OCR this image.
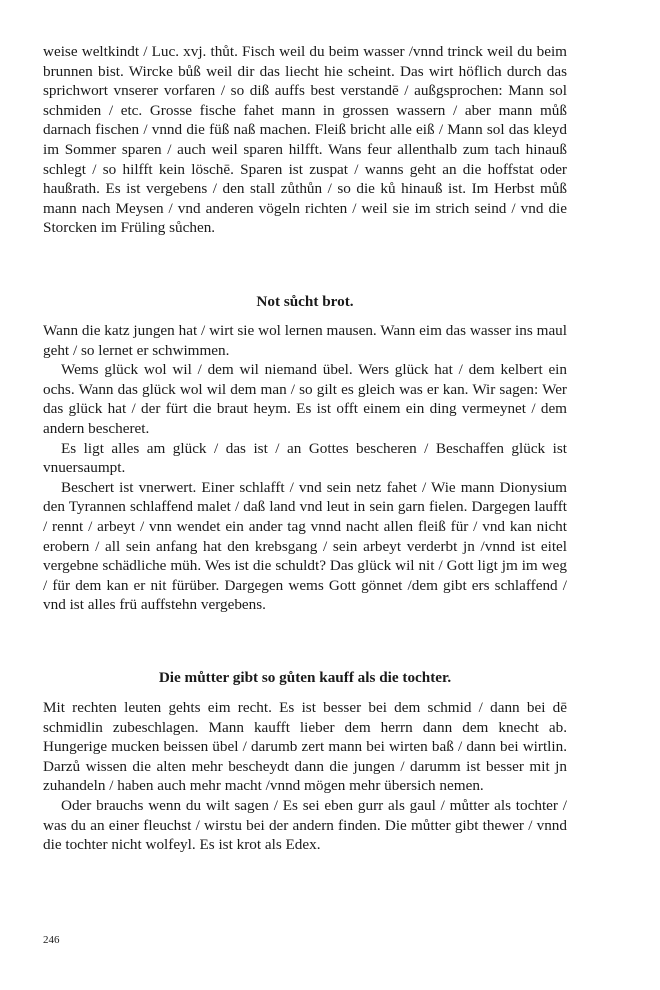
weise weltkindt / Luc. xvj. thůt. Fisch weil du beim wasser /vnnd trinck weil du beim brunnen bist. Wircke bůß weil dir das liecht hie scheint. Das wirt höflich durch das sprichwort vnserer vorfaren / so diß auffs best verstandē / außgsprochen: Mann sol schmiden / etc. Grosse fische fahet mann in grossen wassern / aber mann můß darnach fischen / vnnd die füß naß machen. Fleiß bricht alle eiß / Mann sol das kleyd im Sommer sparen / auch weil sparen hilfft. Wans feur allenthalb zum tach hinauß schlegt / so hilfft kein löschē. Sparen ist zuspat / wanns geht an die hoffstat oder haußrath. Es ist vergebens / den stall zůthůn / so die ků hinauß ist. Im Herbst můß mann nach Meysen / vnd anderen vögeln richten / weil sie im strich seind / vnd die Storcken im Früling sůchen.

Not sůcht brot.

Wann die katz jungen hat / wirt sie wol lernen mausen. Wann eim das wasser ins maul geht / so lernet er schwimmen.

Wems glück wol wil / dem wil niemand übel. Wers glück hat / dem kelbert ein ochs. Wann das glück wol wil dem man / so gilt es gleich was er kan. Wir sagen: Wer das glück hat / der fürt die braut heym. Es ist offt einem ein ding vermeynet / dem andern bescheret.

Es ligt alles am glück / das ist / an Gottes bescheren / Beschaffen glück ist vnuersaumpt.

Beschert ist vnerwert. Einer schlafft / vnd sein netz fahet / Wie mann Dionysium den Tyrannen schlaffend malet / daß land vnd leut in sein garn fielen. Dargegen laufft / rennt / arbeyt / vnn wendet ein ander tag vnnd nacht allen fleiß für / vnd kan nicht erobern / all sein anfang hat den krebsgang / sein arbeyt verderbt jn /vnnd ist eitel vergebne schädliche müh. Wes ist die schuldt? Das glück wil nit / Gott ligt jm im weg / für dem kan er nit fürüber. Dargegen wems Gott gönnet /dem gibt ers schlaffend / vnd ist alles frü auffstehn vergebens.

Die můtter gibt so gůten kauff als die tochter.

Mit rechten leuten gehts eim recht. Es ist besser bei dem schmid / dann bei dē schmidlin zubeschlagen. Mann kaufft lieber dem herrn dann dem knecht ab. Hungerige mucken beissen übel / darumb zert mann bei wirten baß / dann bei wirtlin. Darzů wissen die alten mehr bescheydt dann die jungen / darumm ist besser mit jn zuhandeln / haben auch mehr macht /vnnd mögen mehr übersich nemen.

Oder brauchs wenn du wilt sagen / Es sei eben gurr als gaul / můtter als tochter / was du an einer fleuchst / wirstu bei der andern finden. Die můtter gibt thewer / vnnd die tochter nicht wolfeyl. Es ist krot als Edex.

246
